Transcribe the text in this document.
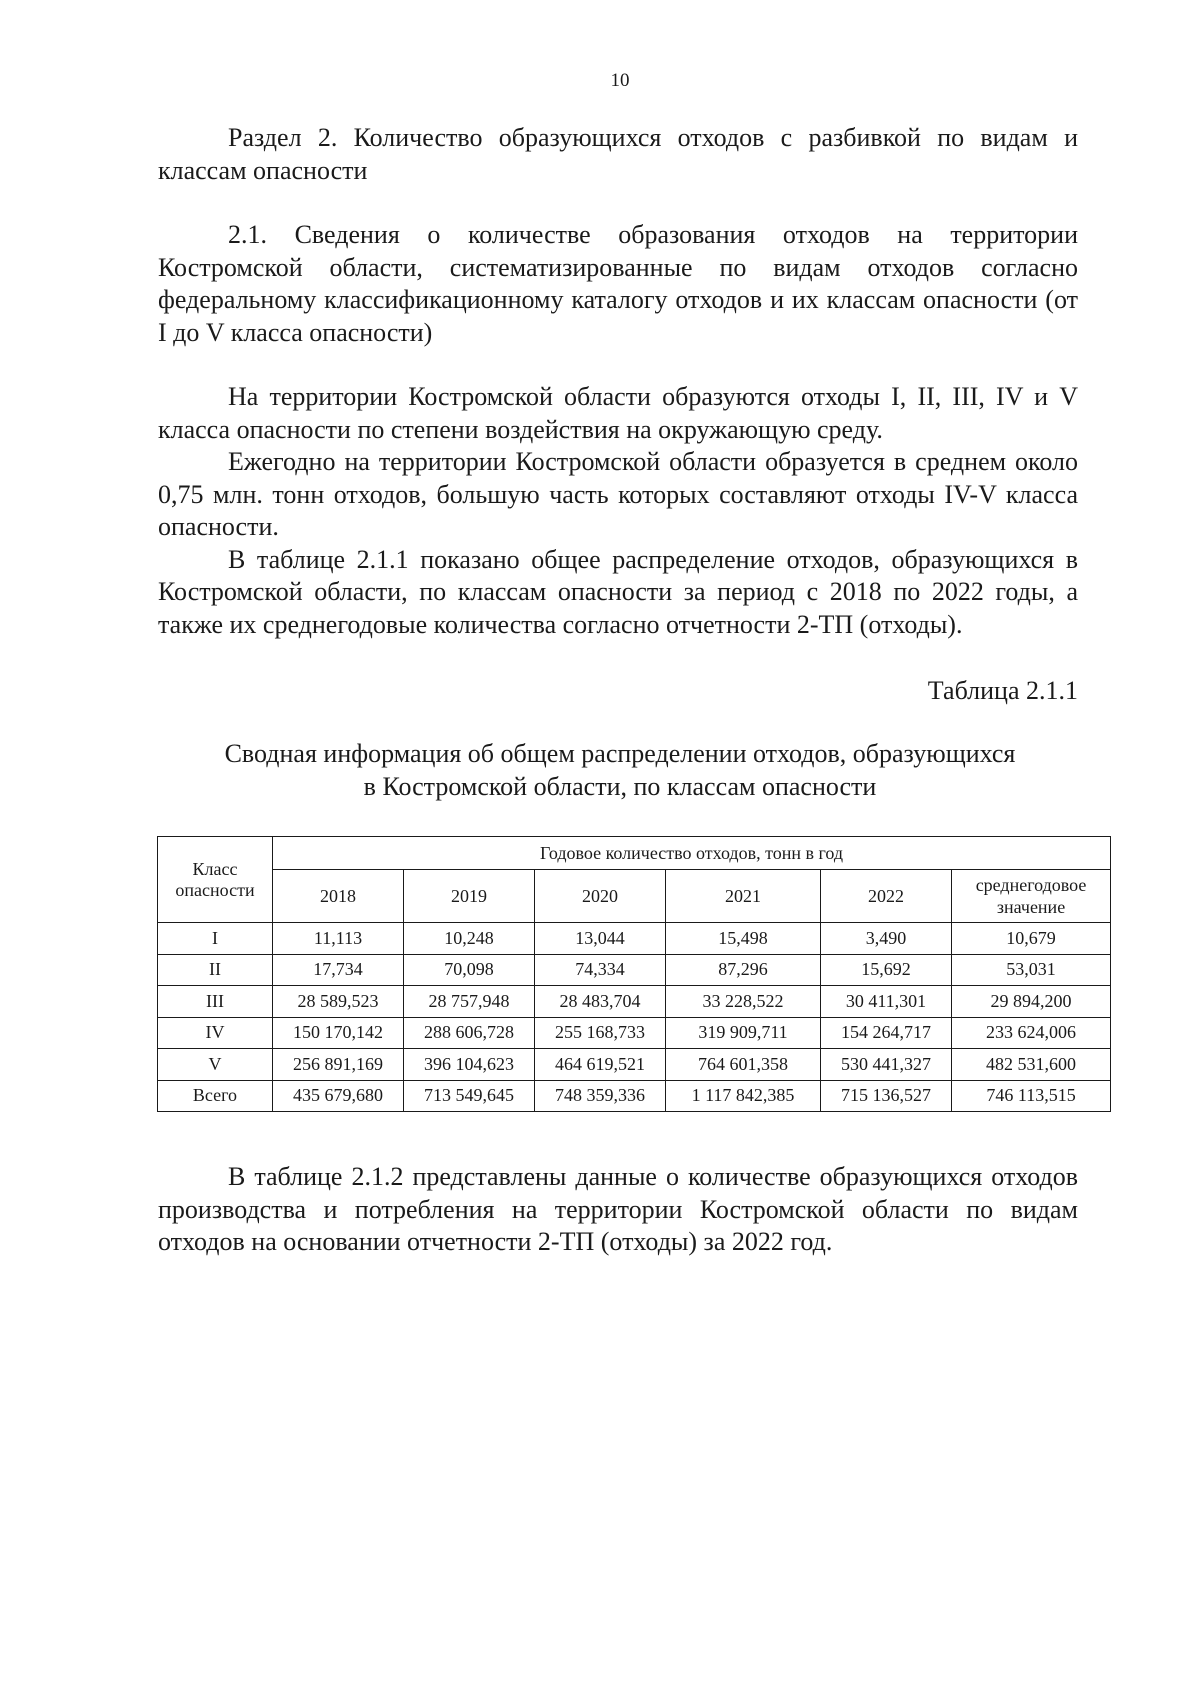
10
Раздел 2. Количество образующихся отходов с разбивкой по видам и классам опасности
2.1. Сведения о количестве образования отходов на территории Костромской области, систематизированные по видам отходов согласно федеральному классификационному каталогу отходов и их классам опасности (от I до V класса опасности)

На территории Костромской области образуются отходы I, II, III, IV и V класса опасности по степени воздействия на окружающую среду.

Ежегодно на территории Костромской области образуется в среднем около 0,75 млн. тонн отходов, большую часть которых составляют отходы IV-V класса опасности.

В таблице 2.1.1 показано общее распределение отходов, образующихся в Костромской области, по классам опасности за период с 2018 по 2022 годы, а также их среднегодовые количества согласно отчетности 2-ТП (отходы).

Таблица 2.1.1
Сводная информация об общем распределении отходов, образующихся
в Костромской области, по классам опасности
Класс опасности	Годовое количество отходов, тонн в год					
	2018	2019	2020	2021	2022	среднегодовое значение
I	11,113	10,248	13,044	15,498	3,490	10,679
II	17,734	70,098	74,334	87,296	15,692	53,031
III	28 589,523	28 757,948	28 483,704	33 228,522	30 411,301	29 894,200
IV	150 170,142	288 606,728	255 168,733	319 909,711	154 264,717	233 624,006
V	256 891,169	396 104,623	464 619,521	764 601,358	530 441,327	482 531,600
Всего	435 679,680	713 549,645	748 359,336	1 117 842,385	715 136,527	746 113,515
В таблице 2.1.2 представлены данные о количестве образующихся отходов производства и потребления на территории Костромской области по видам отходов на основании отчетности 2-ТП (отходы) за 2022 год.
